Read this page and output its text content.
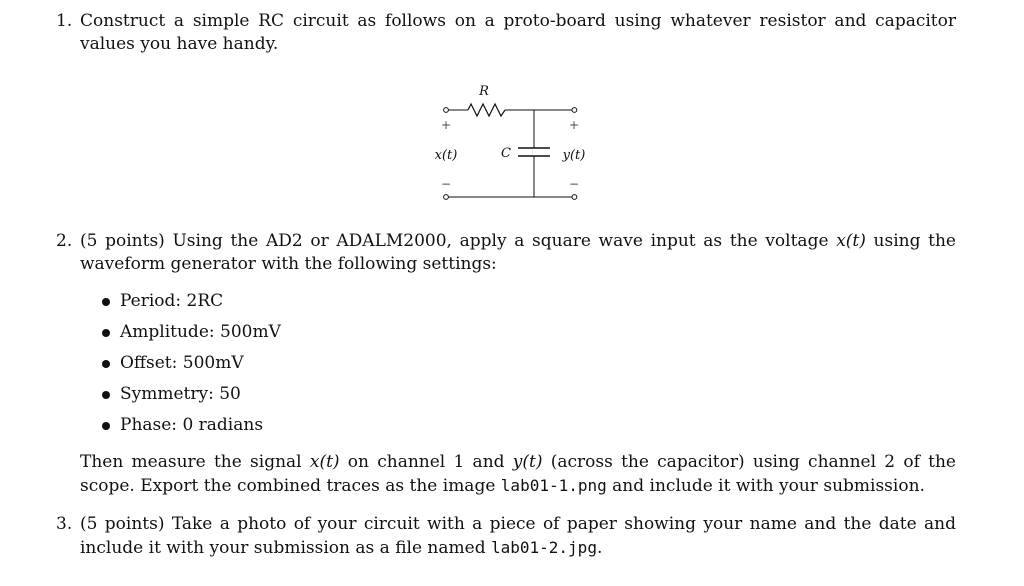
1. Construct a simple RC circuit as follows on a proto-board using whatever resistor and capacitor values you have handy.
R
C
x(t)	y(t)
+	+
−	−
2. (5 points) Using the AD2 or ADALM2000, apply a square wave input as the voltage x(t) using the waveform generator with the following settings:
Period: 2RC
Amplitude: 500mV
Offset: 500mV
Symmetry: 50
Phase: 0 radians
Then measure the signal x(t) on channel 1 and y(t) (across the capacitor) using channel 2 of the scope. Export the combined traces as the image lab01-1.png and include it with your submission.
3. (5 points) Take a photo of your circuit with a piece of paper showing your name and the date and include it with your submission as a file named lab01-2.jpg.
